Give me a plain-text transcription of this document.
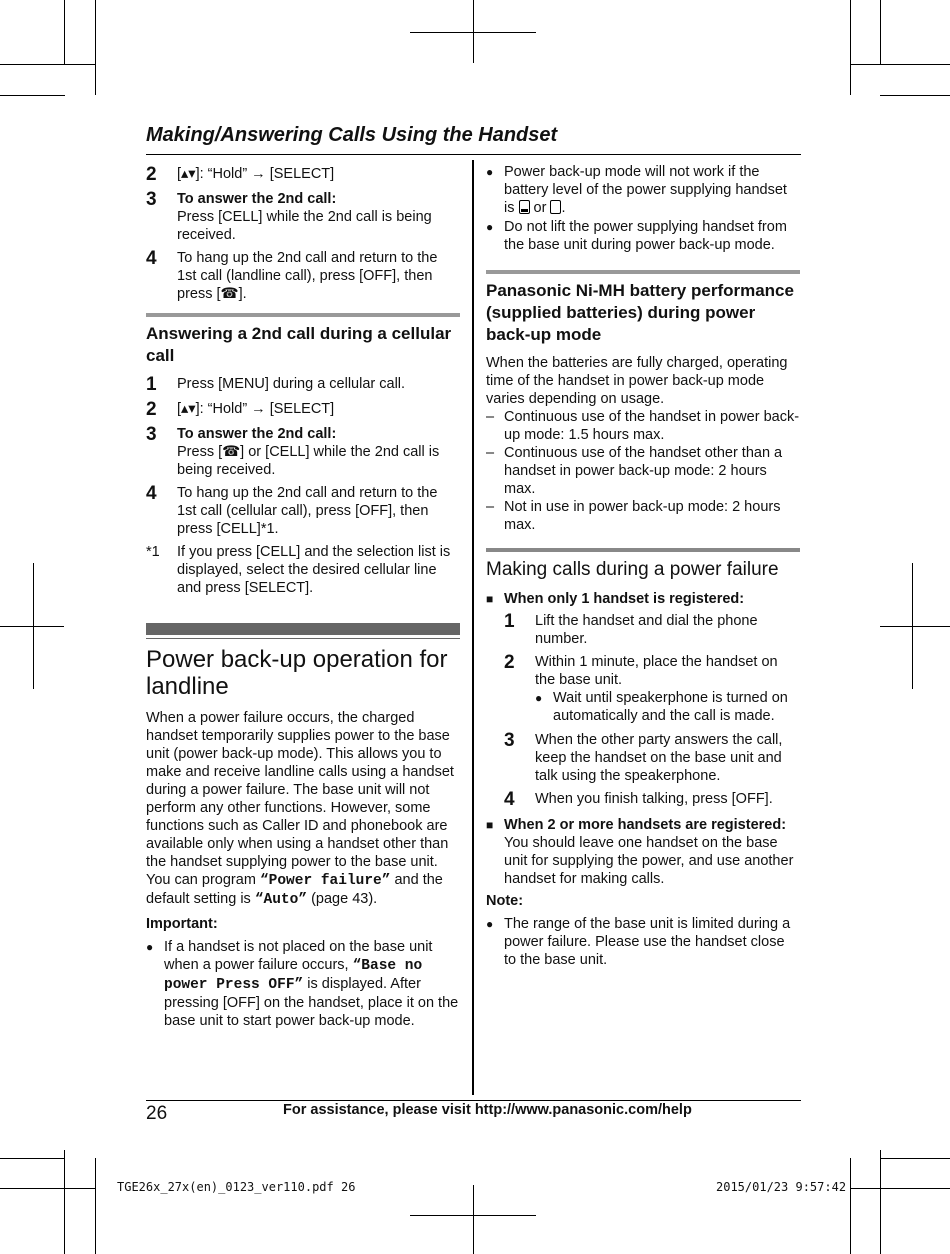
Making/Answering Calls Using the Handset
2	[▴▾]: “Hold” → [SELECT]
3	To answer the 2nd call:
Press [CELL] while the 2nd call is being received.
4	To hang up the 2nd call and return to the 1st call (landline call), press [OFF], then press [☎].
Answering a 2nd call during a cellular call
1	Press [MENU] during a cellular call.
2	[▴▾]: “Hold” → [SELECT]
3	To answer the 2nd call:
Press [☎] or [CELL] while the 2nd call is being received.
4	To hang up the 2nd call and return to the 1st call (cellular call), press [OFF], then press [CELL]*1.
*1	If you press [CELL] and the selection list is displayed, select the desired cellular line and press [SELECT].
Power back-up operation for landline
When a power failure occurs, the charged handset temporarily supplies power to the base unit (power back-up mode). This allows you to make and receive landline calls using a handset during a power failure. The base unit will not perform any other functions. However, some functions such as Caller ID and phonebook are available only when using a handset other than the handset supplying power to the base unit. You can program “Power failure” and the default setting is “Auto” (page 43).
Important:
● If a handset is not placed on the base unit when a power failure occurs, “Base no power Press OFF” is displayed. After pressing [OFF] on the handset, place it on the base unit to start power back-up mode.
● Power back-up mode will not work if the battery level of the power supplying handset is or .
● Do not lift the power supplying handset from the base unit during power back-up mode.
Panasonic Ni-MH battery performance (supplied batteries) during power back-up mode
When the batteries are fully charged, operating time of the handset in power back-up mode varies depending on usage.
– Continuous use of the handset in power back-up mode: 1.5 hours max.
– Continuous use of the handset other than a handset in power back-up mode: 2 hours max.
– Not in use in power back-up mode: 2 hours max.
Making calls during a power failure
■ When only 1 handset is registered:
1	Lift the handset and dial the phone number.
2	Within 1 minute, place the handset on the base unit.
● Wait until speakerphone is turned on automatically and the call is made.
3	When the other party answers the call, keep the handset on the base unit and talk using the speakerphone.
4	When you finish talking, press [OFF].
■ When 2 or more handsets are registered:
You should leave one handset on the base unit for supplying the power, and use another handset for making calls.
Note:
● The range of the base unit is limited during a power failure. Please use the handset close to the base unit.
26	For assistance, please visit http://www.panasonic.com/help
TGE26x_27x(en)_0123_ver110.pdf 26	2015/01/23 9:57:42
